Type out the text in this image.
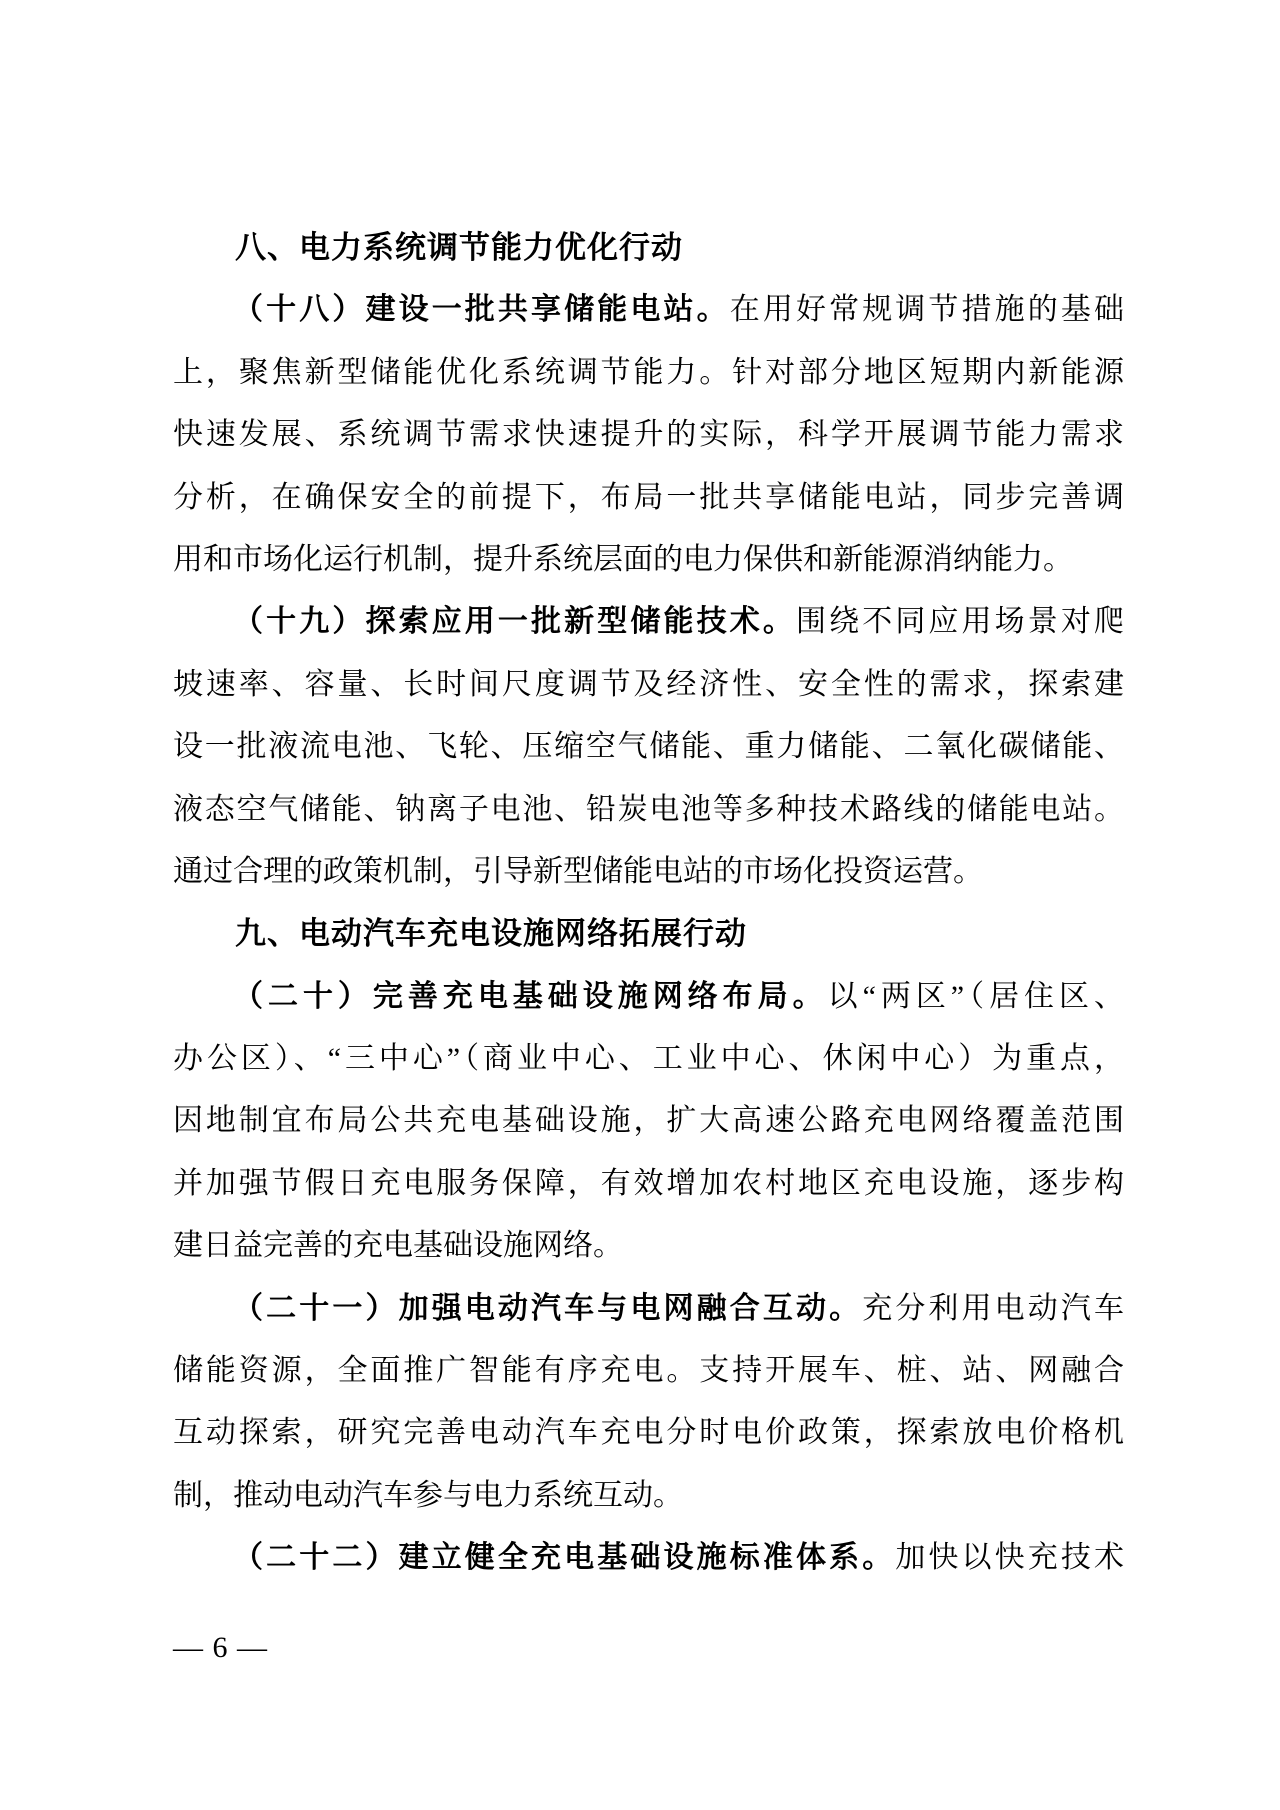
八、电力系统调节能力优化行动
（十八）建设一批共享储能电站。在用好常规调节措施的基础
上，聚焦新型储能优化系统调节能力。针对部分地区短期内新能源
快速发展、系统调节需求快速提升的实际，科学开展调节能力需求
分析，在确保安全的前提下，布局一批共享储能电站，同步完善调
用和市场化运行机制，提升系统层面的电力保供和新能源消纳能力。
（十九）探索应用一批新型储能技术。围绕不同应用场景对爬
坡速率、容量、长时间尺度调节及经济性、安全性的需求，探索建
设一批液流电池、飞轮、压缩空气储能、重力储能、二氧化碳储能、
液态空气储能、钠离子电池、铅炭电池等多种技术路线的储能电站。
通过合理的政策机制，引导新型储能电站的市场化投资运营。
九、电动汽车充电设施网络拓展行动
（二十）完善充电基础设施网络布局。以“两区”（居住区、
办公区）、“三中心”（商业中心、工业中心、休闲中心）为重点，
因地制宜布局公共充电基础设施，扩大高速公路充电网络覆盖范围
并加强节假日充电服务保障，有效增加农村地区充电设施，逐步构
建日益完善的充电基础设施网络。
（二十一）加强电动汽车与电网融合互动。充分利用电动汽车
储能资源，全面推广智能有序充电。支持开展车、桩、站、网融合
互动探索，研究完善电动汽车充电分时电价政策，探索放电价格机
制，推动电动汽车参与电力系统互动。
（二十二）建立健全充电基础设施标准体系。加快以快充技术
— 6 —
